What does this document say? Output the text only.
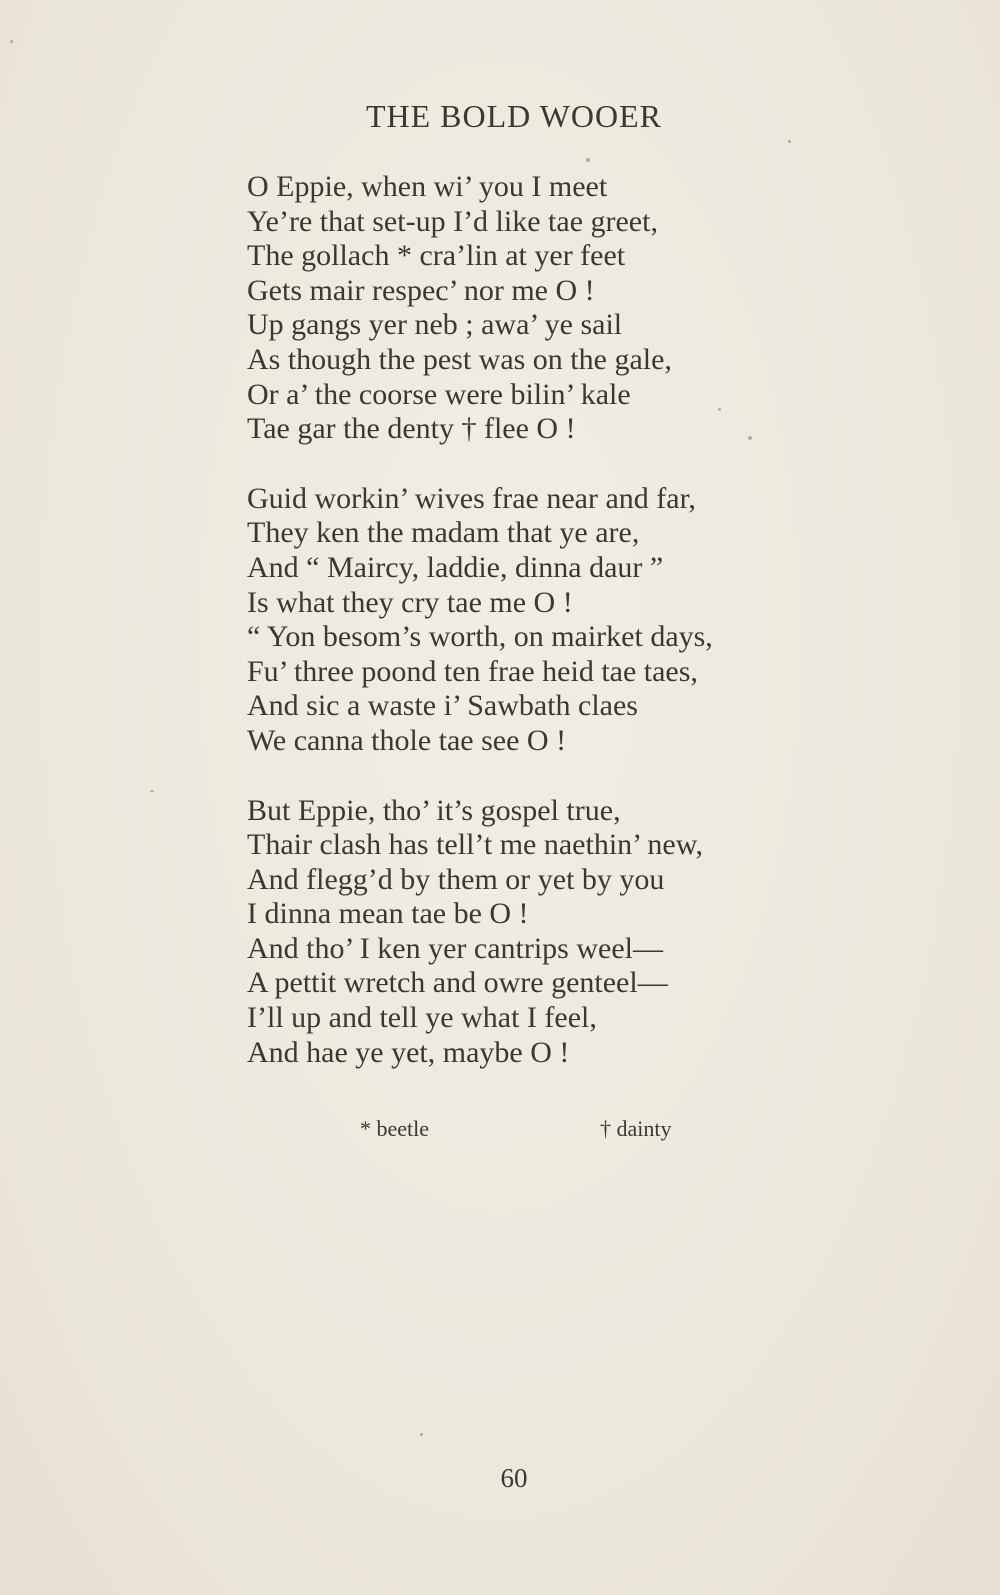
THE BOLD WOOER
O Eppie, when wi’ you I meet
Ye’re that set-up I’d like tae greet,
The gollach * cra’lin at yer feet
Gets mair respec’ nor me O !
Up gangs yer neb ; awa’ ye sail
As though the pest was on the gale,
Or a’ the coorse were bilin’ kale
Tae gar the denty † flee O !
Guid workin’ wives frae near and far,
They ken the madam that ye are,
And “ Maircy, laddie, dinna daur ”
Is what they cry tae me O !
“ Yon besom’s worth, on mairket days,
Fu’ three poond ten frae heid tae taes,
And sic a waste i’ Sawbath claes
We canna thole tae see O !
But Eppie, tho’ it’s gospel true,
Thair clash has tell’t me naethin’ new,
And flegg’d by them or yet by you
I dinna mean tae be O !
And tho’ I ken yer cantrips weel—
A pettit wretch and owre genteel—
I’ll up and tell ye what I feel,
And hae ye yet, maybe O !
* beetle	† dainty
60
